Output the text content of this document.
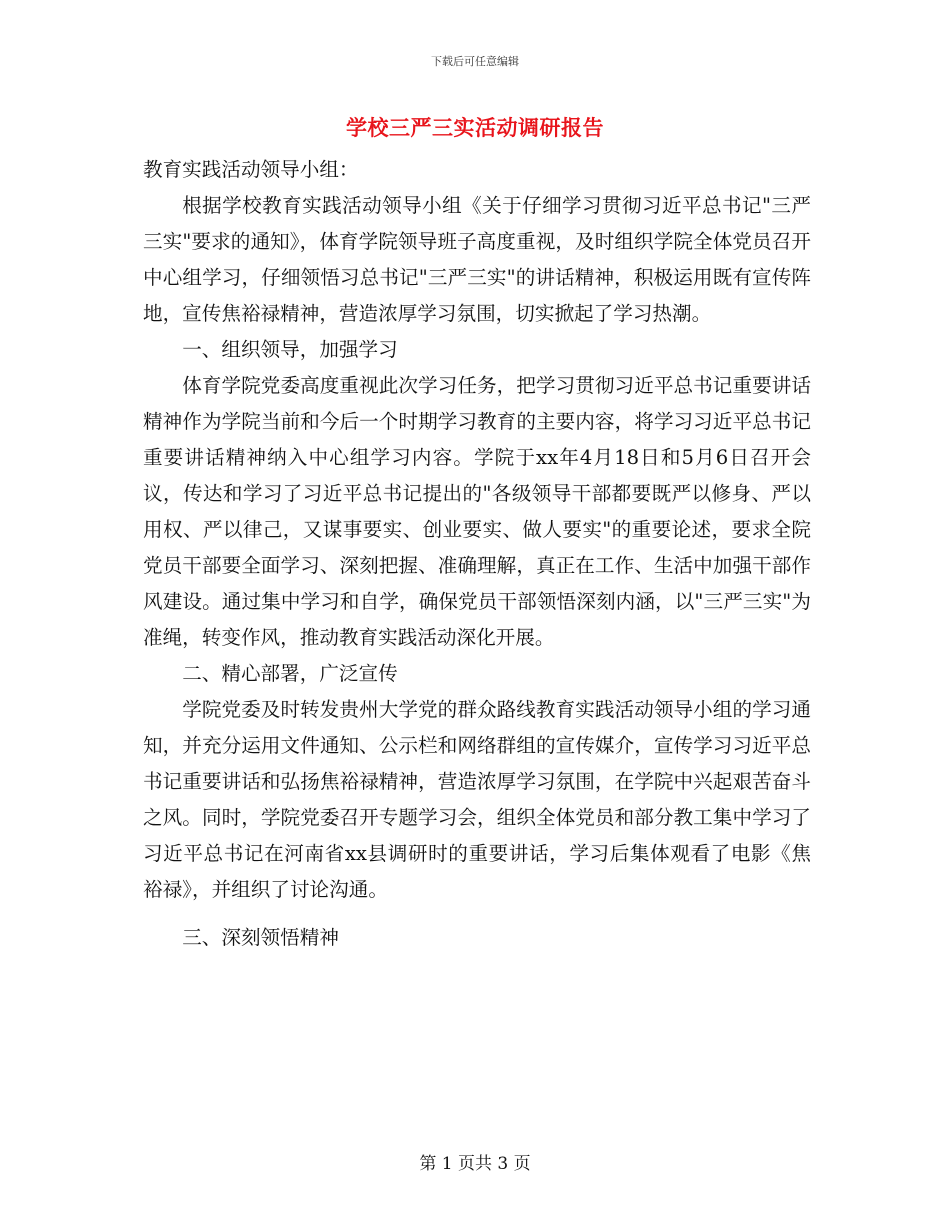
下载后可任意编辑
学校三严三实活动调研报告

教育实践活动领导小组：

根据学校教育实践活动领导小组《关于仔细学习贯彻习近平总书记"三严三实"要求的通知》，体育学院领导班子高度重视，及时组织学院全体党员召开中心组学习，仔细领悟习总书记"三严三实"的讲话精神，积极运用既有宣传阵地，宣传焦裕禄精神，营造浓厚学习氛围，切实掀起了学习热潮。

一、组织领导，加强学习

体育学院党委高度重视此次学习任务，把学习贯彻习近平总书记重要讲话精神作为学院当前和今后一个时期学习教育的主要内容，将学习习近平总书记重要讲话精神纳入中心组学习内容。学院于xx年4月18日和5月6日召开会议，传达和学习了习近平总书记提出的"各级领导干部都要既严以修身、严以用权、严以律己，又谋事要实、创业要实、做人要实"的重要论述，要求全院党员干部要全面学习、深刻把握、准确理解，真正在工作、生活中加强干部作风建设。通过集中学习和自学，确保党员干部领悟深刻内涵，以"三严三实"为准绳，转变作风，推动教育实践活动深化开展。

二、精心部署，广泛宣传

学院党委及时转发贵州大学党的群众路线教育实践活动领导小组的学习通知，并充分运用文件通知、公示栏和网络群组的宣传媒介，宣传学习习近平总书记重要讲话和弘扬焦裕禄精神，营造浓厚学习氛围，在学院中兴起艰苦奋斗之风。同时，学院党委召开专题学习会，组织全体党员和部分教工集中学习了习近平总书记在河南省xx县调研时的重要讲话，学习后集体观看了电影《焦裕禄》，并组织了讨论沟通。

三、深刻领悟精神

第 1 页共 3 页
